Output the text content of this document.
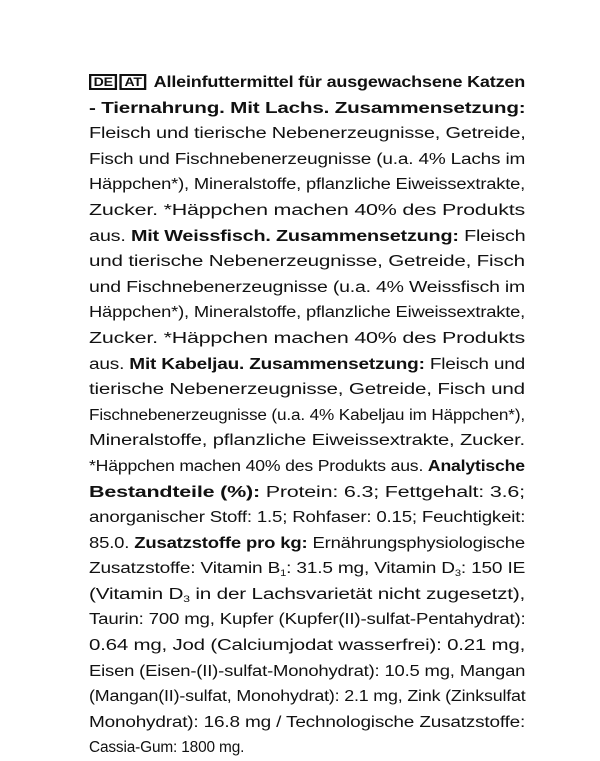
DE AT Alleinfuttermittel für ausgewachsene Katzen
- Tiernahrung. Mit Lachs. Zusammensetzung:
Fleisch und tierische Nebenerzeugnisse, Getreide,
Fisch und Fischnebenerzeugnisse (u.a. 4% Lachs im
Häppchen*), Mineralstoffe, pflanzliche Eiweissextrakte,
Zucker. *Häppchen machen 40% des Produkts
aus. Mit Weissfisch. Zusammensetzung: Fleisch
und tierische Nebenerzeugnisse, Getreide, Fisch
und Fischnebenerzeugnisse (u.a. 4% Weissfisch im
Häppchen*), Mineralstoffe, pflanzliche Eiweissextrakte,
Zucker. *Häppchen machen 40% des Produkts
aus. Mit Kabeljau. Zusammensetzung: Fleisch und
tierische Nebenerzeugnisse, Getreide, Fisch und
Fischnebenerzeugnisse (u.a. 4% Kabeljau im Häppchen*),
Mineralstoffe, pflanzliche Eiweissextrakte, Zucker.
*Häppchen machen 40% des Produkts aus. Analytische
Bestandteile (%): Protein: 6.3; Fettgehalt: 3.6;
anorganischer Stoff: 1.5; Rohfaser: 0.15; Feuchtigkeit:
85.0. Zusatzstoffe pro kg: Ernährungsphysiologische
Zusatzstoffe: Vitamin $B_1$: 31.5 mg, Vitamin $D_3$: 150 IE
(Vitamin $D_3$ in der Lachsvarietät nicht zugesetzt),
Taurin: 700 mg, Kupfer (Kupfer(II)-sulfat-Pentahydrat):
0.64 mg, Jod (Calciumjodat wasserfrei): 0.21 mg,
Eisen (Eisen-(II)-sulfat-Monohydrat): 10.5 mg, Mangan
(Mangan(II)-sulfat, Monohydrat): 2.1 mg, Zink (Zinksulfat
Monohydrat): 16.8 mg / Technologische Zusatzstoffe:
Cassia-Gum: 1800 mg.
